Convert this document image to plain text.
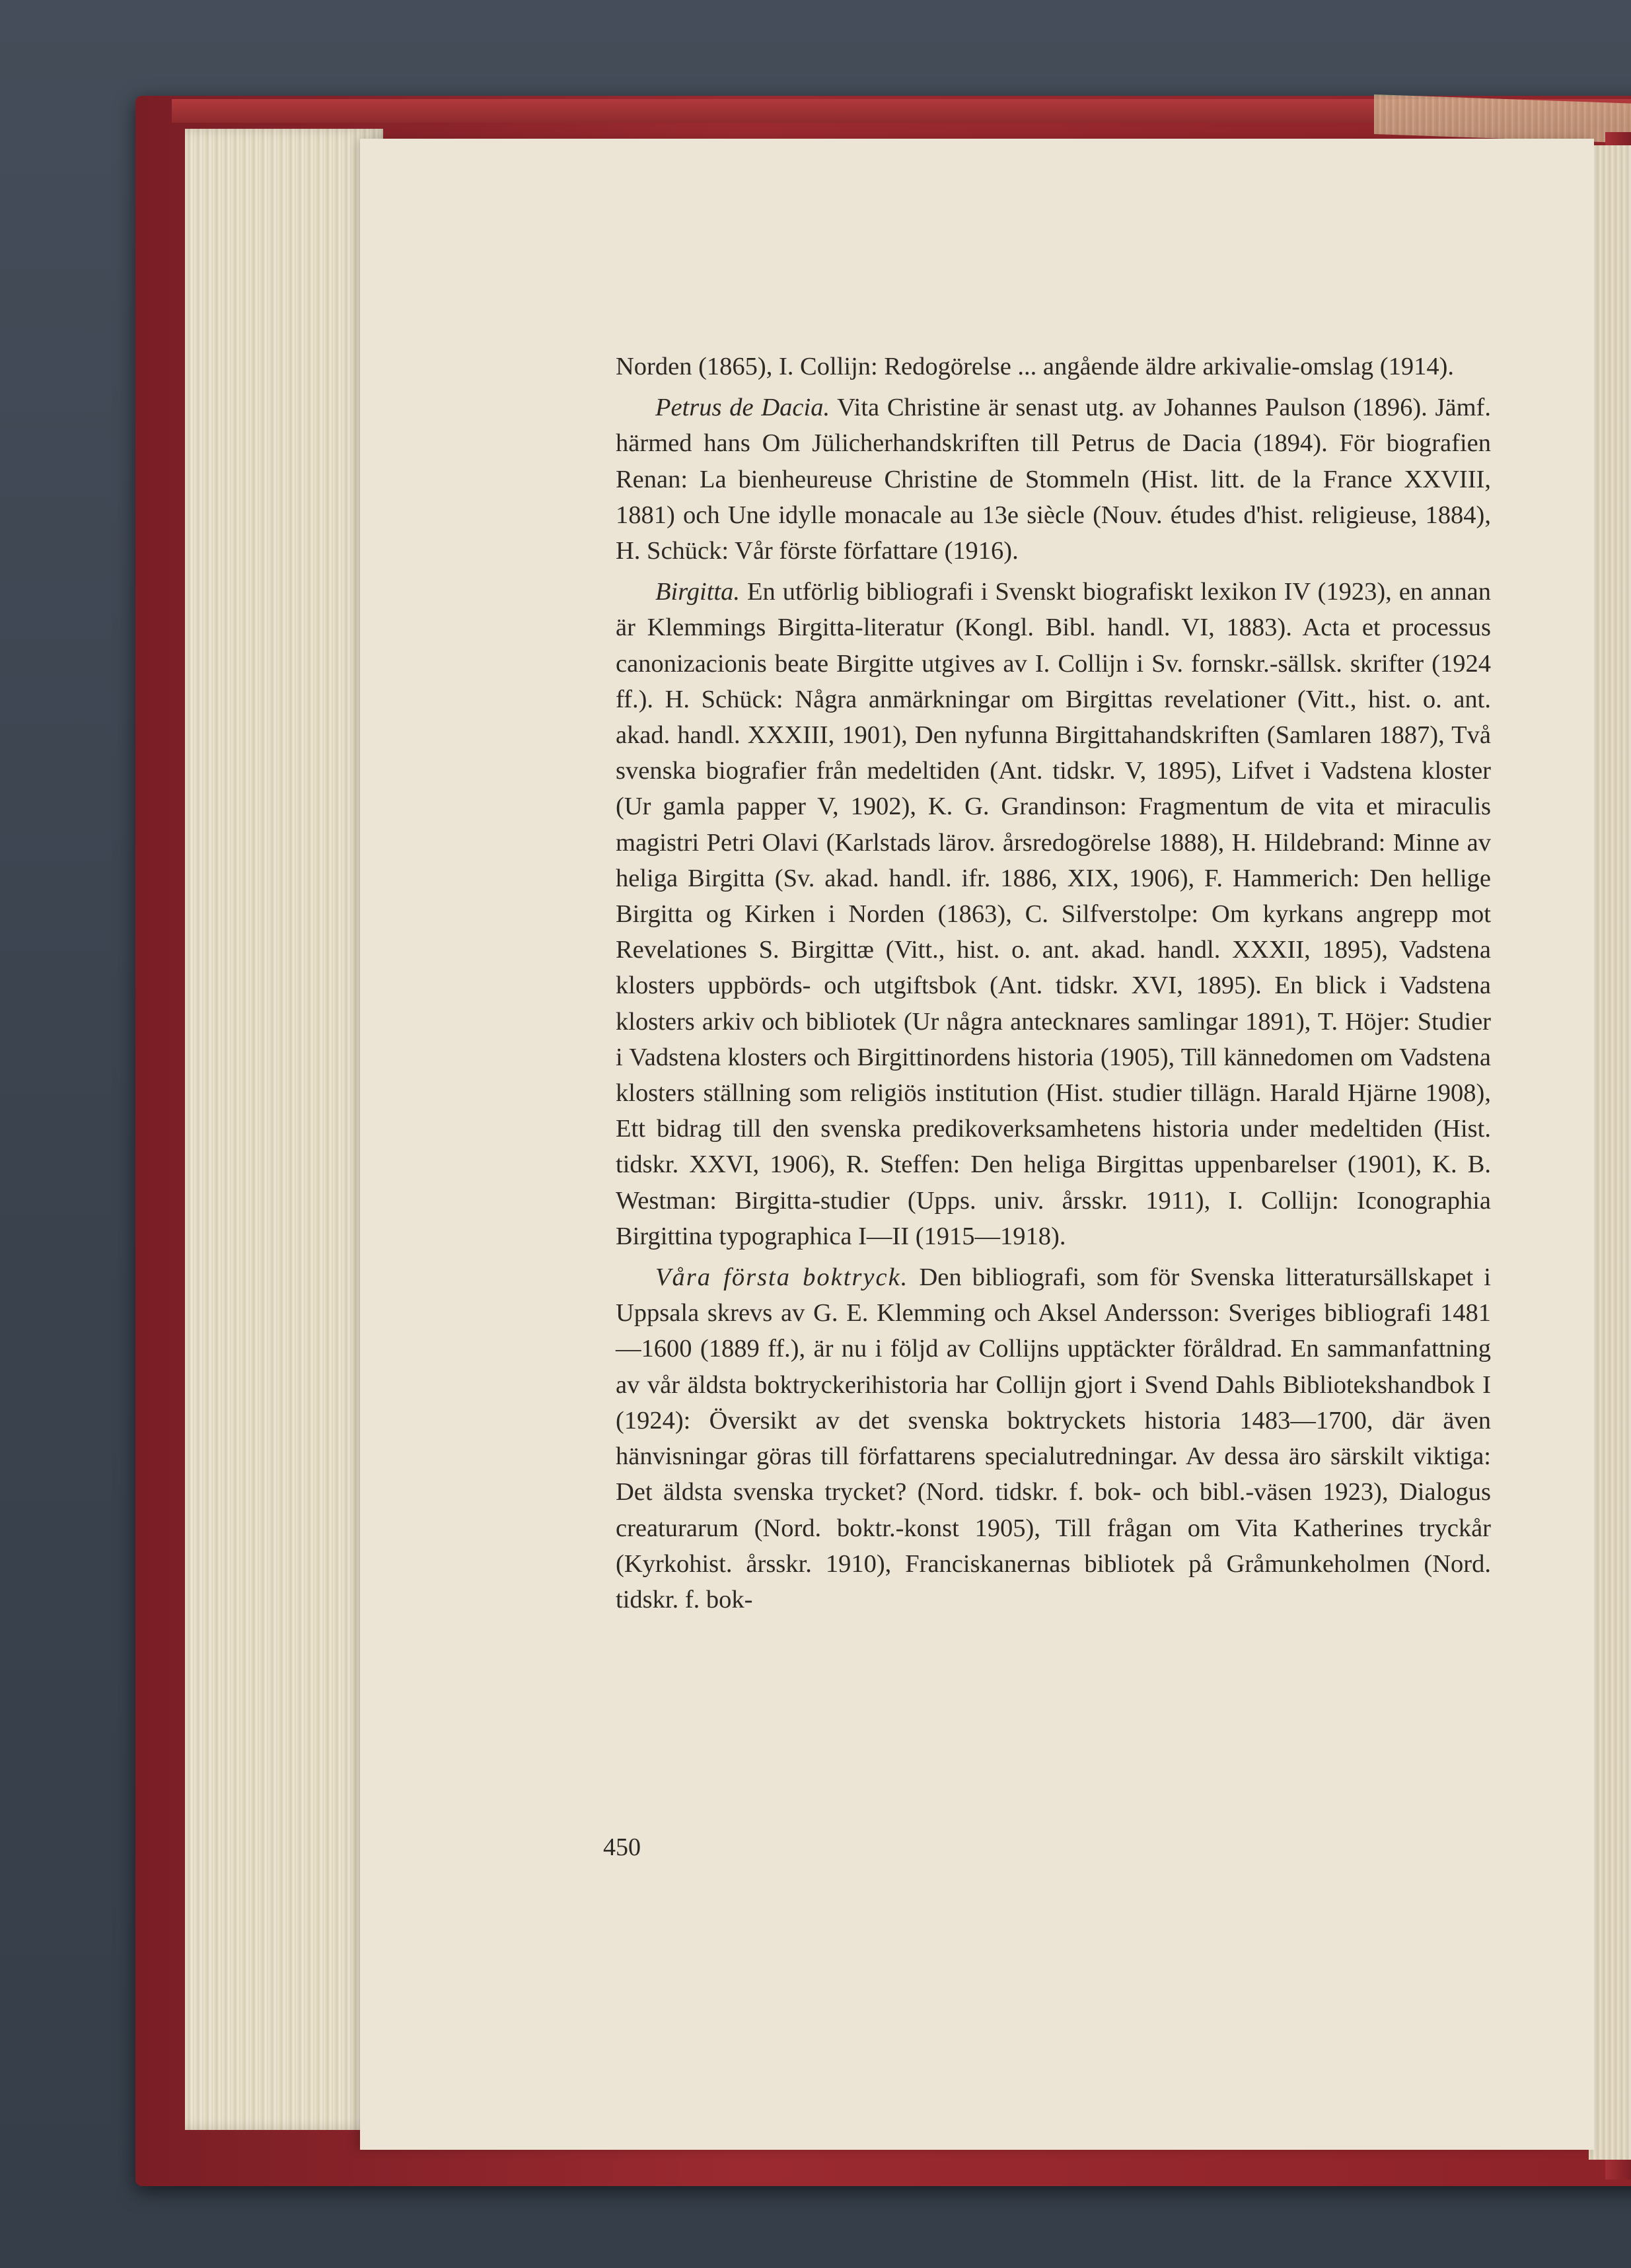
Norden (1865), I. Collijn: Redogörelse ... angående äldre arkivalie-omslag (1914).

Petrus de Dacia. Vita Christine är senast utg. av Johannes Paulson (1896). Jämf. härmed hans Om Jülicherhandskriften till Petrus de Dacia (1894). För biografien Renan: La bienheureuse Christine de Stommeln (Hist. litt. de la France XXVIII, 1881) och Une idylle monacale au 13e siècle (Nouv. études d'hist. religieuse, 1884), H. Schück: Vår förste författare (1916).

Birgitta. En utförlig bibliografi i Svenskt biografiskt lexikon IV (1923), en annan är Klemmings Birgitta-literatur (Kongl. Bibl. handl. VI, 1883). Acta et processus canonizacionis beate Birgitte utgives av I. Collijn i Sv. fornskr.-sällsk. skrifter (1924 ff.). H. Schück: Några anmärkningar om Birgittas revelationer (Vitt., hist. o. ant. akad. handl. XXXIII, 1901), Den nyfunna Birgittahandskriften (Samlaren 1887), Två svenska biografier från medeltiden (Ant. tidskr. V, 1895), Lifvet i Vadstena kloster (Ur gamla papper V, 1902), K. G. Grandinson: Fragmentum de vita et miraculis magistri Petri Olavi (Karlstads lärov. årsredogörelse 1888), H. Hildebrand: Minne av heliga Birgitta (Sv. akad. handl. ifr. 1886, XIX, 1906), F. Hammerich: Den hellige Birgitta og Kirken i Norden (1863), C. Silfverstolpe: Om kyrkans angrepp mot Revelationes S. Birgittæ (Vitt., hist. o. ant. akad. handl. XXXII, 1895), Vadstena klosters uppbörds- och utgiftsbok (Ant. tidskr. XVI, 1895). En blick i Vadstena klosters arkiv och bibliotek (Ur några antecknares samlingar 1891), T. Höjer: Studier i Vadstena klosters och Birgittinordens historia (1905), Till kännedomen om Vadstena klosters ställning som religiös institution (Hist. studier tillägn. Harald Hjärne 1908), Ett bidrag till den svenska predikoverksamhetens historia under medeltiden (Hist. tidskr. XXVI, 1906), R. Steffen: Den heliga Birgittas uppenbarelser (1901), K. B. Westman: Birgitta-studier (Upps. univ. årsskr. 1911), I. Collijn: Iconographia Birgittina typographica I—II (1915—1918).

Våra första boktryck. Den bibliografi, som för Svenska litteratursällskapet i Uppsala skrevs av G. E. Klemming och Aksel Andersson: Sveriges bibliografi 1481—1600 (1889 ff.), är nu i följd av Collijns upptäckter föråldrad. En sammanfattning av vår äldsta boktryckerihistoria har Collijn gjort i Svend Dahls Bibliotekshandbok I (1924): Översikt av det svenska boktryckets historia 1483—1700, där även hänvisningar göras till författarens specialutredningar. Av dessa äro särskilt viktiga: Det äldsta svenska trycket? (Nord. tidskr. f. bok- och bibl.-väsen 1923), Dialogus creaturarum (Nord. boktr.-konst 1905), Till frågan om Vita Katherines tryckår (Kyrkohist. årsskr. 1910), Franciskanernas bibliotek på Gråmunkeholmen (Nord. tidskr. f. bok-

450
